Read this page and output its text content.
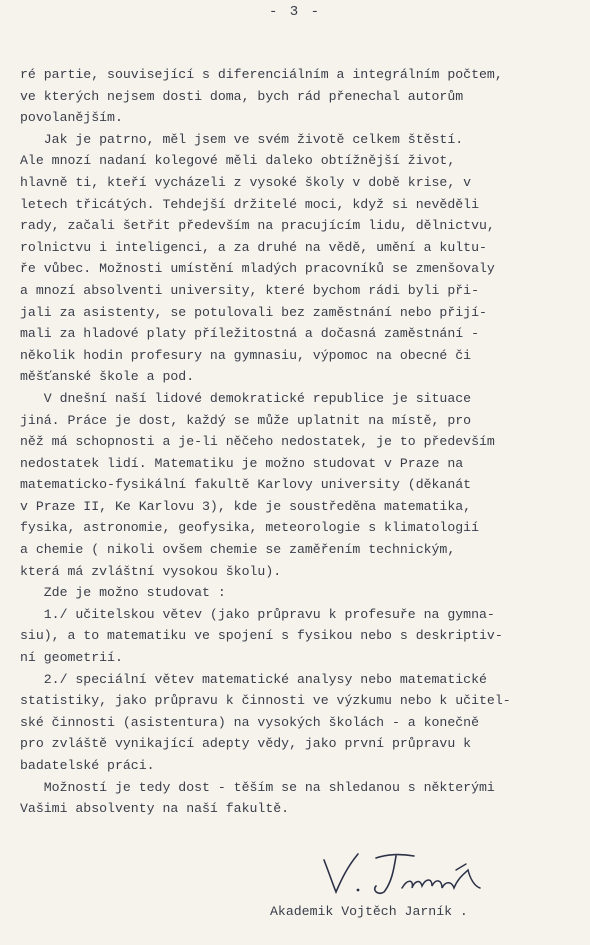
- 3 -
ré partie, související s diferenciálním a integrálním počtem,
ve kterých nejsem dosti doma, bych rád přenechal autorům
povolanějším.
Jak je patrno, měl jsem ve svém životě celkem štěstí.
Ale mnozí nadaní kolegové měli daleko obtížnější život,
hlavně ti, kteří vycházeli z vysoké školy v době krise, v
letech třicátých. Tehdejší držitelé moci, když si nevěděli
rady, začali šetřit především na pracujícím lidu, dělnictvu,
rolnictvu i inteligenci, a za druhé na vědě, umění a kultu-
ře vůbec. Možnosti umístění mladých pracovníků se zmenšovaly
a mnozí absolventi university, které bychom rádi byli při-
jali za asistenty, se potulovali bez zaměstnání nebo přijí-
mali za hladové platy příležitostná a dočasná zaměstnání -
několik hodin profesury na gymnasiu, výpomoc na obecné či
měšťanské škole a pod.
V dnešní naší lidové demokratické republice je situace
jiná. Práce je dost, každý se může uplatnit na místě, pro
něž má schopnosti a je-li něčeho nedostatek, je to především
nedostatek lidí. Matematiku je možno studovat v Praze na
matematicko-fysikální fakultě Karlovy university (děkanát
v Praze II, Ke Karlovu 3), kde je soustředěna matematika,
fysika, astronomie, geofysika, meteorologie s klimatologií
a chemie ( nikoli ovšem chemie se zaměřením technickým,
která má zvláštní vysokou školu).
Zde je možno studovat :
1./ učitelskou větev (jako průpravu k profesuře na gymna-
siu), a to matematiku ve spojení s fysikou nebo s deskriptiv-
ní geometrií.
2./ speciální větev matematické analysy nebo matematické
statistiky, jako průpravu k činnosti ve výzkumu nebo k učitel-
ské činnosti (asistentura) na vysokých školách - a konečně
pro zvláště vynikající adepty vědy, jako první průpravu k
badatelské práci.
Možností je tedy dost - těším se na shledanou s některými
Vašimi absolventy na naší fakultě.
Akademik Vojtěch Jarník .
